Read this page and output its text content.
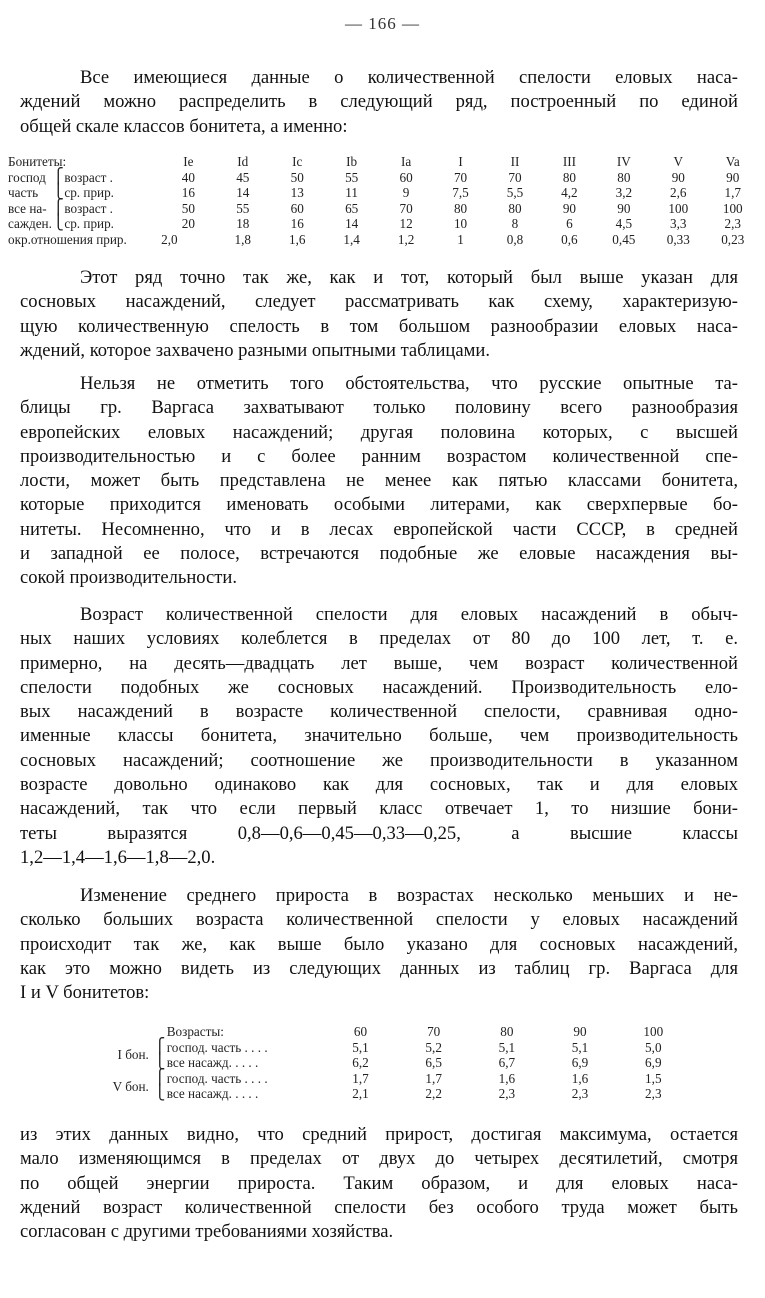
— 166 —

Все имеющиеся данные о количественной спелости еловых наса-
ждений можно распределить в следующий ряд, построенный по единой
общей скале классов бонитета, а именно:

Бонитеты:			Ie	Id	Ic	Ib	Ia	I	II	III	IV	V	Va
господ	⎧	возраст .	40	45	50	55	60	70	70	80	80	90	90
часть	⎩	ср. прир.	16	14	13	11	9	7,5	5,5	4,2	3,2	2,6	1,7
все на-	⎧	возраст .	50	55	60	65	70	80	80	90	90	100	100
сажден.	⎩	ср. прир.	20	18	16	14	12	10	8	6	4,5	3,3	2,3
окр.отношения прир.			2,0	1,8	1,6	1,4	1,2	1	0,8	0,6	0,45	0,33	0,23

Этот ряд точно так же, как и тот, который был выше указан для
сосновых насаждений, следует рассматривать как схему, характеризую-
щую количественную спелость в том большом разнообразии еловых наса-
ждений, которое захвачено разными опытными таблицами.

Нельзя не отметить того обстоятельства, что русские опытные та-
блицы гр. Варгаса захватывают только половину всего разнообразия
европейских еловых насаждений; другая половина которых, с высшей
производительностью и с более ранним возрастом количественной спе-
лости, может быть представлена не менее как пятью классами бонитета,
которые приходится именовать особыми литерами, как сверхпервые бо-
нитеты. Несомненно, что и в лесах европейской части СССР, в средней
и западной ее полосе, встречаются подобные же еловые насаждения вы-
сокой производительности.

Возраст количественной спелости для еловых насаждений в обыч-
ных наших условиях колеблется в пределах от 80 до 100 лет, т. е.
примерно, на десять—двадцать лет выше, чем возраст количественной
спелости подобных же сосновых насаждений. Производительность ело-
вых насаждений в возрасте количественной спелости, сравнивая одно-
именные классы бонитета, значительно больше, чем производительность
сосновых насаждений; соотношение же производительности в указанном
возрасте довольно одинаково как для сосновых, так и для еловых
насаждений, так что если первый класс отвечает 1, то низшие бони-
теты выразятся 0,8—0,6—0,45—0,33—0,25, а высшие классы
1,2—1,4—1,6—1,8—2,0.

Изменение среднего прироста в возрастах несколько меньших и не-
сколько больших возраста количественной спелости у еловых насаждений
происходит так же, как выше было указано для сосновых насаждений,
как это можно видеть из следующих данных из таблиц гр. Варгаса для
I и V бонитетов:

		Возрасты:	60	70	80	90	100
I бон.	⎧	господ. часть . . . .	5,1	5,2	5,1	5,1	5,0
	⎩	все насажд. . . . .	6,2	6,5	6,7	6,9	6,9
V бон.	⎧	господ. часть . . . .	1,7	1,7	1,6	1,6	1,5
	⎩	все насажд. . . . .	2,1	2,2	2,3	2,3	2,3

из этих данных видно, что средний прирост, достигая максимума, остается
мало изменяющимся в пределах от двух до четырех десятилетий, смотря
по общей энергии прироста. Таким образом, и для еловых наса-
ждений возраст количественной спелости без особого труда может быть
согласован с другими требованиями хозяйства.
